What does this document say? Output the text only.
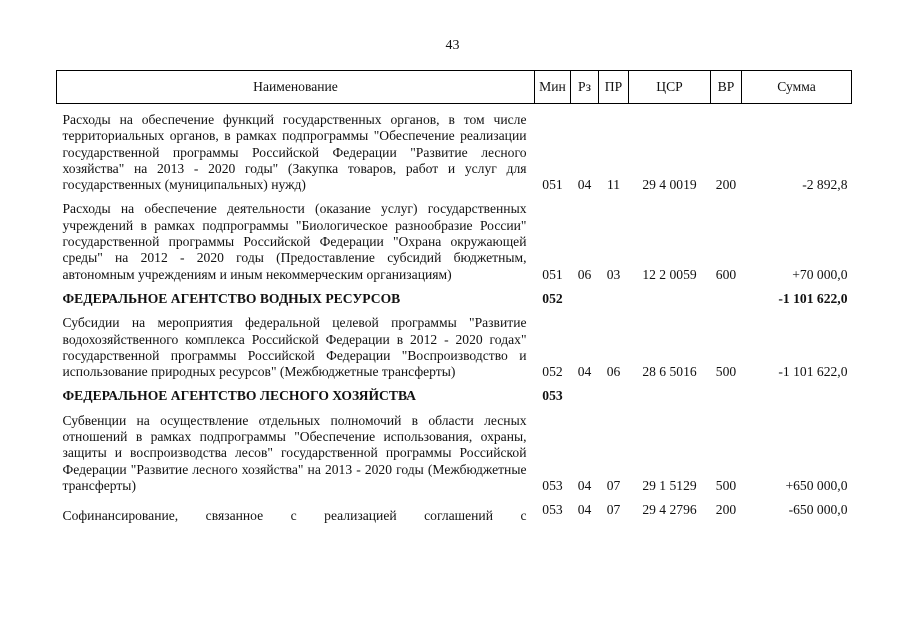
43
Наименование	Мин	Рз	ПР	ЦСР	ВР	Сумма

Расходы на обеспечение функций государственных органов, в том числе территориальных органов, в рамках подпрограммы "Обеспечение реализации государственной программы Российской Федерации "Развитие лесного хозяйства" на 2013 - 2020 годы" (Закупка товаров, работ и услуг для государственных (муниципальных) нужд)	051	04	11	29 4 0019	200	-2 892,8

Расходы на обеспечение деятельности (оказание услуг) государственных учреждений в рамках подпрограммы "Биологическое разнообразие России" государственной программы Российской Федерации "Охрана окружающей среды" на 2012 - 2020 годы (Предоставление субсидий бюджетным, автономным учреждениям и иным некоммерческим организациям)	051	06	03	12 2 0059	600	+70 000,0

ФЕДЕРАЛЬНОЕ АГЕНТСТВО ВОДНЫХ РЕСУРСОВ	052					-1 101 622,0

Субсидии на мероприятия федеральной целевой программы "Развитие водохозяйственного комплекса Российской Федерации в 2012 - 2020 годах" государственной программы Российской Федерации "Воспроизводство и использование природных ресурсов" (Межбюджетные трансферты)	052	04	06	28 6 5016	500	-1 101 622,0

ФЕДЕРАЛЬНОЕ АГЕНТСТВО ЛЕСНОГО ХОЗЯЙСТВА	053					

Субвенции на осуществление отдельных полномочий в области лесных отношений в рамках подпрограммы "Обеспечение использования, охраны, защиты и воспроизводства лесов" государственной программы Российской Федерации "Развитие лесного хозяйства" на 2013 - 2020 годы (Межбюджетные трансферты)	053	04	07	29 1 5129	500	+650 000,0

Софинансирование, связанное с реализацией соглашений с	053	04	07	29 4 2796	200	-650 000,0
